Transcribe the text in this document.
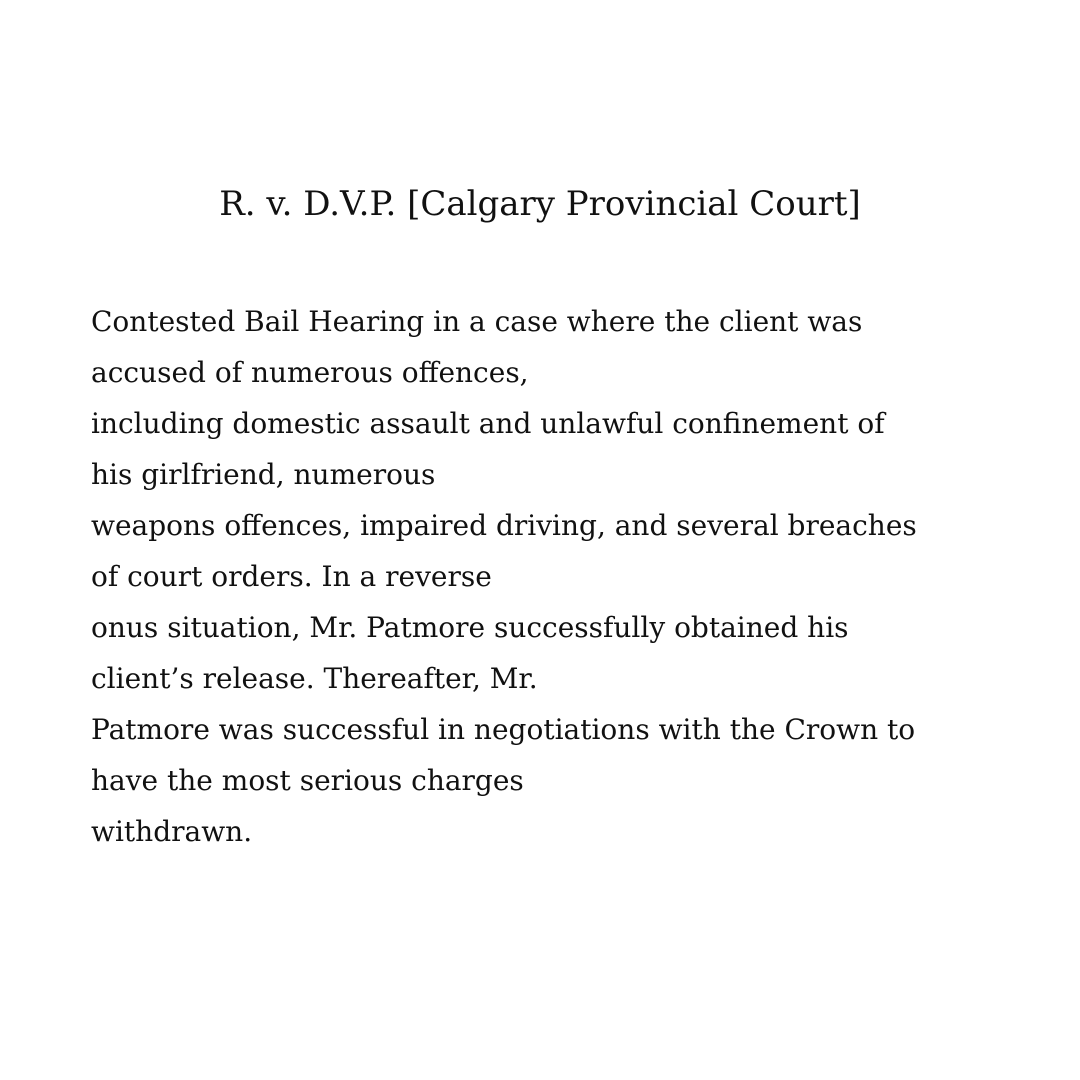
R. v. D.V.P. [Calgary Provincial Court]
Contested Bail Hearing in a case where the client was
accused of numerous offences,
including domestic assault and unlawful confinement of
his girlfriend, numerous
weapons offences, impaired driving, and several breaches
of court orders. In a reverse
onus situation, Mr. Patmore successfully obtained his
client’s release. Thereafter, Mr.
Patmore was successful in negotiations with the Crown to
have the most serious charges
withdrawn.
